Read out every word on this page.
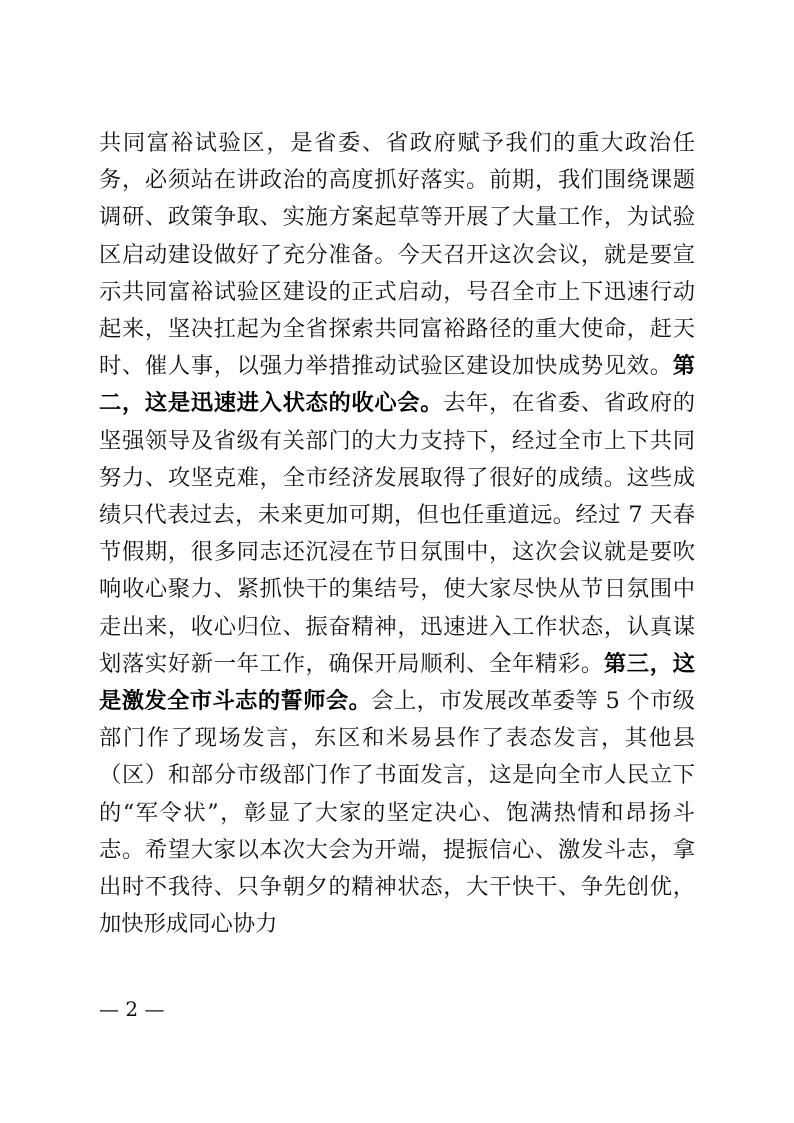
共同富裕试验区，是省委、省政府赋予我们的重大政治任务，必须站在讲政治的高度抓好落实。前期，我们围绕课题调研、政策争取、实施方案起草等开展了大量工作，为试验区启动建设做好了充分准备。今天召开这次会议，就是要宣示共同富裕试验区建设的正式启动，号召全市上下迅速行动起来，坚决扛起为全省探索共同富裕路径的重大使命，赶天时、催人事，以强力举措推动试验区建设加快成势见效。第二，这是迅速进入状态的收心会。去年，在省委、省政府的坚强领导及省级有关部门的大力支持下，经过全市上下共同努力、攻坚克难，全市经济发展取得了很好的成绩。这些成绩只代表过去，未来更加可期，但也任重道远。经过 7 天春节假期，很多同志还沉浸在节日氛围中，这次会议就是要吹响收心聚力、紧抓快干的集结号，使大家尽快从节日氛围中走出来，收心归位、振奋精神，迅速进入工作状态，认真谋划落实好新一年工作，确保开局顺利、全年精彩。第三，这是激发全市斗志的誓师会。会上，市发展改革委等 5 个市级部门作了现场发言，东区和米易县作了表态发言，其他县（区）和部分市级部门作了书面发言，这是向全市人民立下的“军令状”，彰显了大家的坚定决心、饱满热情和昂扬斗志。希望大家以本次大会为开端，提振信心、激发斗志，拿出时不我待、只争朝夕的精神状态，大干快干、争先创优，加快形成同心协力

— 2 —
